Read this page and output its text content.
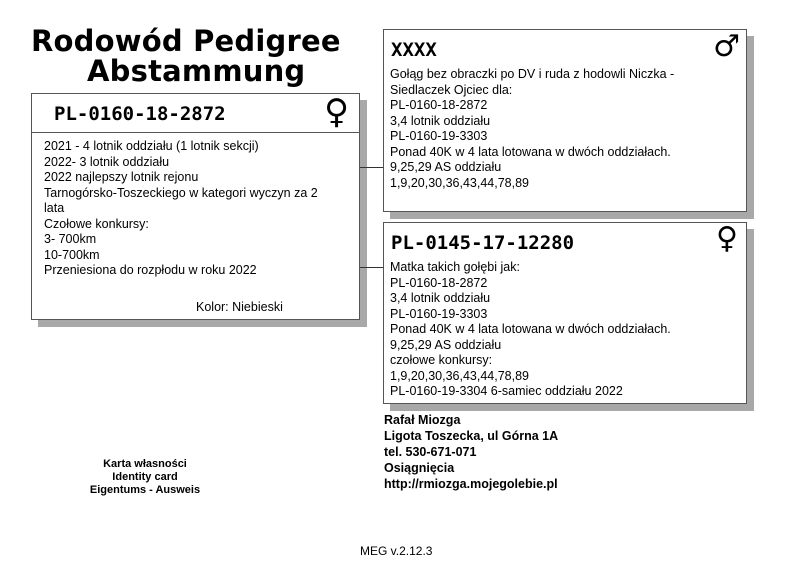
Rodowód Pedigree
Abstammung
PL-0160-18-2872	♀
2021 - 4 lotnik oddziału (1 lotnik sekcji)
2022- 3 lotnik oddziału
2022 najlepszy lotnik rejonu
Tarnogórsko-Toszeckiego w kategori wyczyn za 2
lata
Czołowe konkursy:
3- 700km
10-700km
Przeniesiona do rozpłodu w roku 2022
Kolor: Niebieski
XXXX	♂
Gołąg bez obraczki po DV i ruda z hodowli Niczka -
Siedlaczek Ojciec dla:
PL-0160-18-2872
3,4 lotnik oddziału
PL-0160-19-3303
Ponad 40K w 4 lata lotowana w dwóch oddziałach.
9,25,29 AS oddziału
1,9,20,30,36,43,44,78,89
PL-0145-17-12280	♀
Matka takich gołębi jak:
PL-0160-18-2872
3,4 lotnik oddziału
PL-0160-19-3303
Ponad 40K w 4 lata lotowana w dwóch oddziałach.
9,25,29 AS oddziału
czołowe konkursy:
1,9,20,30,36,43,44,78,89
PL-0160-19-3304 6-samiec oddziału 2022
Karta własności
Identity card
Eigentums - Ausweis
Rafał Miozga
Ligota Toszecka, ul Górna 1A
tel. 530-671-071
Osiągnięcia
http://rmiozga.mojegolebie.pl
MEG v.2.12.3
